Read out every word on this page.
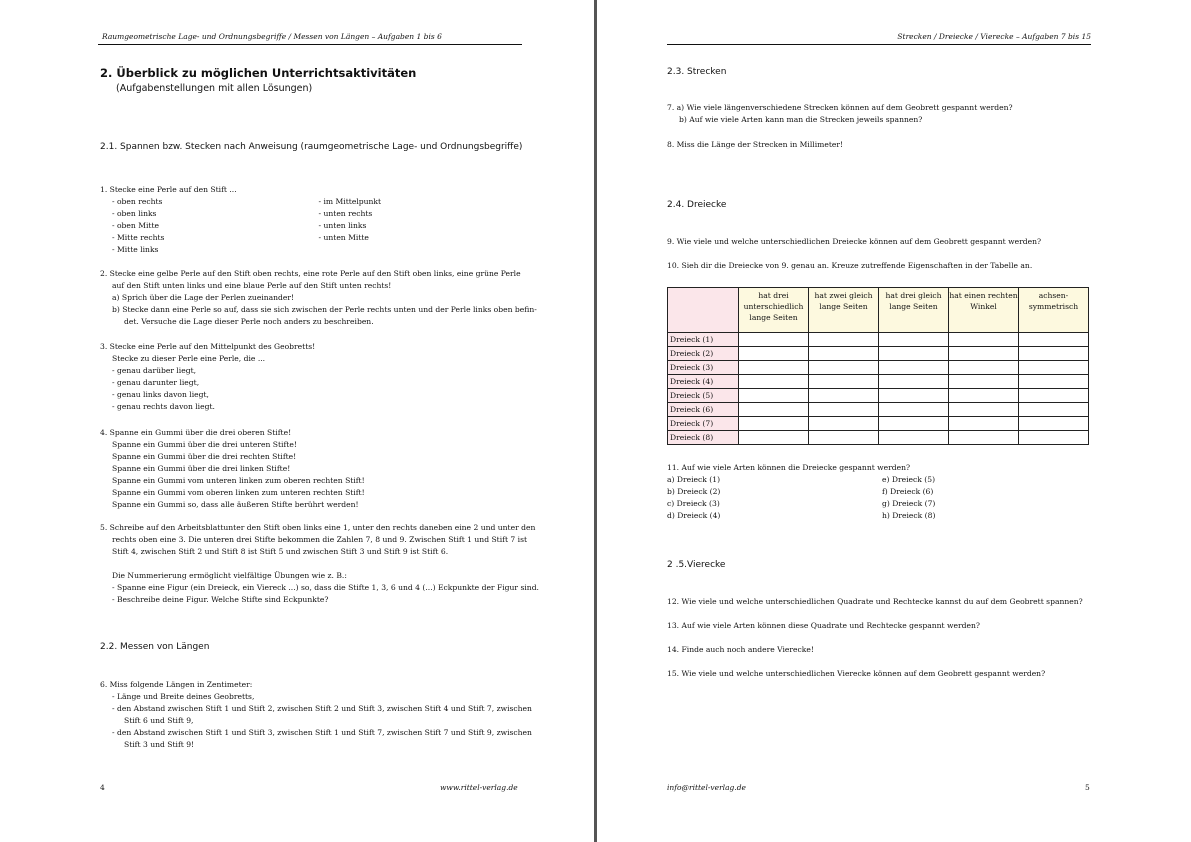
Raumgeometrische Lage- und Ordnungsbegriffe / Messen von Längen – Aufgaben 1 bis 6
2. Überblick zu möglichen Unterrichtsaktivitäten
(Aufgabenstellungen mit allen Lösungen)
2.1. Spannen bzw. Stecken nach Anweisung (raumgeometrische Lage- und Ordnungsbegriffe)
1. Stecke eine Perle auf den Stift ...
- oben rechts
- oben links
- oben Mitte
- Mitte rechts
- Mitte links
- im Mittelpunkt
- unten rechts
- unten links
- unten Mitte
2. Stecke eine gelbe Perle auf den Stift oben rechts, eine rote Perle auf den Stift oben links, eine grüne Perle
auf den Stift unten links und eine blaue Perle auf den Stift unten rechts!
a) Sprich über die Lage der Perlen zueinander!
b) Stecke dann eine Perle so auf, dass sie sich zwischen der Perle rechts unten und der Perle links oben befin-
det. Versuche die Lage dieser Perle noch anders zu beschreiben.
3. Stecke eine Perle auf den Mittelpunkt des Geobretts!
Stecke zu dieser Perle eine Perle, die ...
- genau darüber liegt,
- genau darunter liegt,
- genau links davon liegt,
- genau rechts davon liegt.
4. Spanne ein Gummi über die drei oberen Stifte!
Spanne ein Gummi über die drei unteren Stifte!
Spanne ein Gummi über die drei rechten Stifte!
Spanne ein Gummi über die drei linken Stifte!
Spanne ein Gummi vom unteren linken zum oberen rechten Stift!
Spanne ein Gummi vom oberen linken zum unteren rechten Stift!
Spanne ein Gummi so, dass alle äußeren Stifte berührt werden!
5. Schreibe auf den Arbeitsblattunter den Stift oben links eine 1, unter den rechts daneben eine 2 und unter den
rechts oben eine 3. Die unteren drei Stifte bekommen die Zahlen 7, 8 und 9. Zwischen Stift 1 und Stift 7 ist
Stift 4, zwischen Stift 2 und Stift 8 ist Stift 5 und zwischen Stift 3 und Stift 9 ist Stift 6.
Die Nummerierung ermöglicht vielfältige Übungen wie z. B.:
- Spanne eine Figur (ein Dreieck, ein Viereck ...) so, dass die Stifte 1, 3, 6 und 4 (...) Eckpunkte der Figur sind.
- Beschreibe deine Figur. Welche Stifte sind Eckpunkte?
2.2. Messen von Längen
6. Miss folgende Längen in Zentimeter:
- Länge und Breite deines Geobretts,
- den Abstand zwischen Stift 1 und Stift 2, zwischen Stift 2 und Stift 3, zwischen Stift 4 und Stift 7, zwischen
Stift 6 und Stift 9,
- den Abstand zwischen Stift 1 und Stift 3, zwischen Stift 1 und Stift 7, zwischen Stift 7 und Stift 9, zwischen
Stift 3 und Stift 9!
4	www.rittel-verlag.de
Strecken / Dreiecke / Vierecke – Aufgaben 7 bis 15
2.3. Strecken
7. a) Wie viele längenverschiedene Strecken können auf dem Geobrett gespannt werden?
b) Auf wie viele Arten kann man die Strecken jeweils spannen?
8. Miss die Länge der Strecken in Millimeter!
2.4. Dreiecke
9. Wie viele und welche unterschiedlichen Dreiecke können auf dem Geobrett gespannt werden?
10. Sieh dir die Dreiecke von 9. genau an. Kreuze zutreffende Eigenschaften in der Tabelle an.
	hat drei unterschiedlich lange Seiten	hat zwei gleich lange Seiten	hat drei gleich lange Seiten	hat einen rechten Winkel	achsen-symmetrisch
Dreieck (1)					
Dreieck (2)					
Dreieck (3)					
Dreieck (4)					
Dreieck (5)					
Dreieck (6)					
Dreieck (7)					
Dreieck (8)					
11. Auf wie viele Arten können die Dreiecke gespannt werden?
a) Dreieck (1)
b) Dreieck (2)
c) Dreieck (3)
d) Dreieck (4)
e) Dreieck (5)
f) Dreieck (6)
g) Dreieck (7)
h) Dreieck (8)
2 .5.Vierecke
12. Wie viele und welche unterschiedlichen Quadrate und Rechtecke kannst du auf dem Geobrett spannen?
13. Auf wie viele Arten können diese Quadrate und Rechtecke gespannt werden?
14. Finde auch noch andere Vierecke!
15. Wie viele und welche unterschiedlichen Vierecke können auf dem Geobrett gespannt werden?
info@rittel-verlag.de	5
